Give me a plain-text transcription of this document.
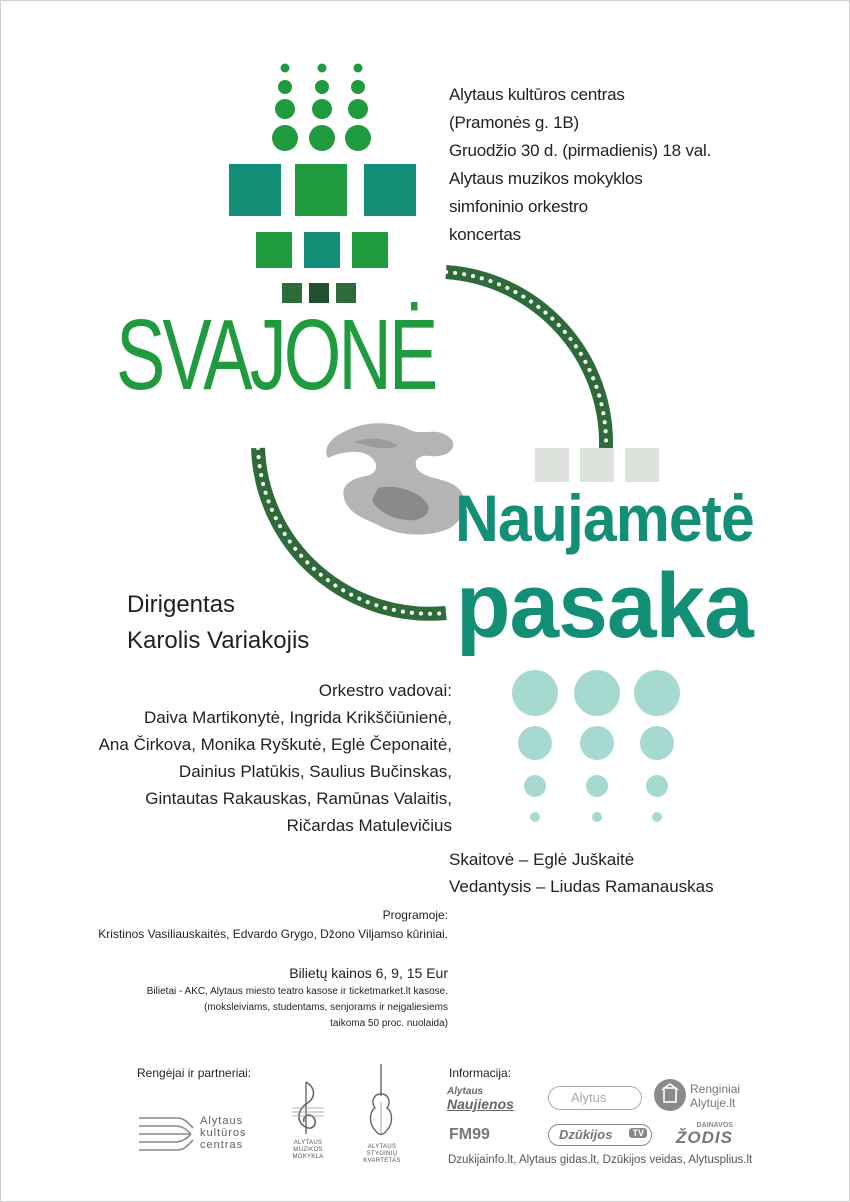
Alytaus kultūros centras
(Pramonės g. 1B)
Gruodžio 30 d. (pirmadienis) 18 val.
Alytaus muzikos mokyklos
simfoninio orkestro
koncertas
SVAJONĖ
Naujametė
pasaka
Dirigentas
Karolis Variakojis
Orkestro vadovai:
Daiva Martikonytė, Ingrida Krikščiūnienė,
Ana Čirkova, Monika Ryškutė, Eglė Čeponaitė,
Dainius Platūkis, Saulius Bučinskas,
Gintautas Rakauskas, Ramūnas Valaitis,
Ričardas Matulevičius
Skaitovė – Eglė Juškaitė
Vedantysis – Liudas Ramanauskas
Programoje:
Kristinos Vasiliauskaitės, Edvardo Grygo, Džono Viljamso kūriniai.
Bilietų kainos 6, 9, 15 Eur
Bilietai - AKC, Alytaus miesto teatro kasose ir ticketmarket.lt kasose.
(moksleiviams, studentams, senjorams ir neįgaliesiems
taikoma 50 proc. nuolaida)
Rengėjai ir partneriai:	Informacija:
Alytaus
kultūros
centras	ALYTAUS
MUZIKOS
MOKYKLA
ALYTAUS
STYGINIŲ
KVARTETAS
Alytaus
Naujienos	Alytus
Renginiai
Alytuje.lt
FM99	Dzūkijos	TV
DAINAVOS
ŽODIS
Dzukijainfo.lt, Alytaus gidas.lt, Dzūkijos veidas, Alytusplius.lt
